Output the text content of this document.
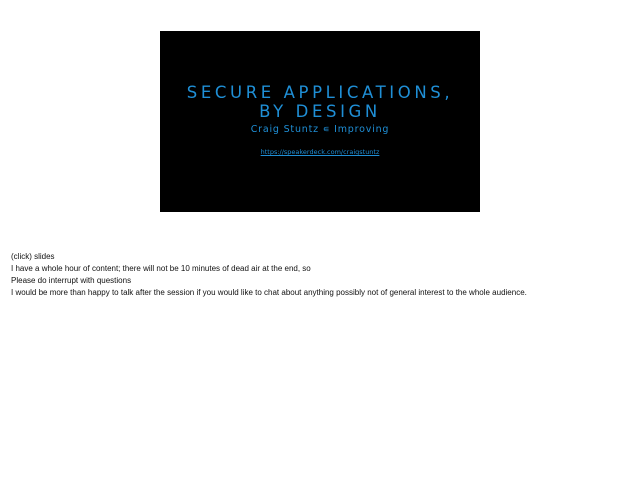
SECURE APPLICATIONS,
BY DESIGN
Craig Stuntz ∊ Improving
https://speakerdeck.com/craigstuntz
(click) slides
I have a whole hour of content; there will not be 10 minutes of dead air at the end, so
Please do interrupt with questions
I would be more than happy to talk after the session if you would like to chat about anything possibly not of general interest to the whole audience.
